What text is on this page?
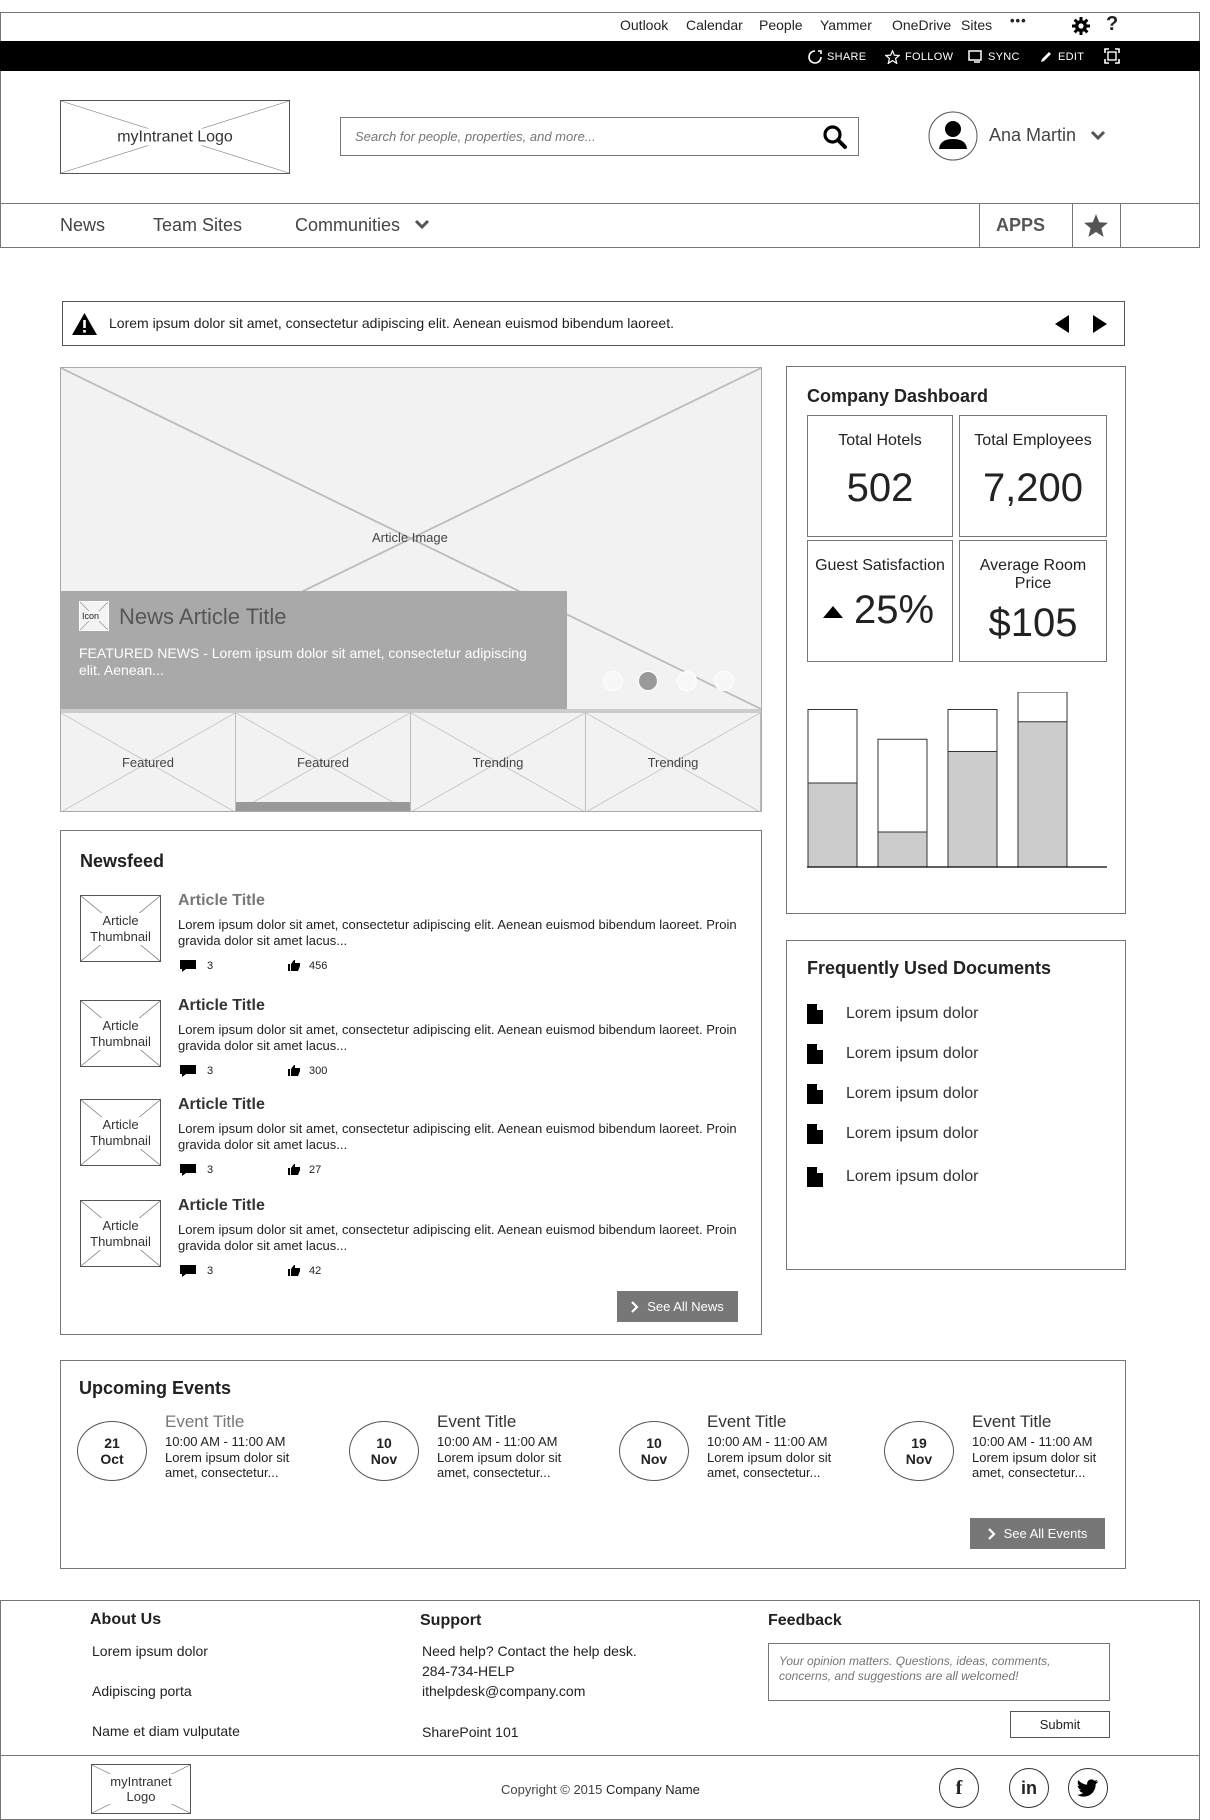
Outlook Calendar People Yammer OneDrive Sites •••	?
SHARE	FOLLOW	SYNC	EDIT
myIntranet Logo
Search for people, properties, and more...	Ana Martin
News	Team Sites	Communities	APPS
Lorem ipsum dolor sit amet, consectetur adipiscing elit. Aenean euismod bibendum laoreet.
Article Image
Icon News Article Title
FEATURED NEWS - Lorem ipsum dolor sit amet, consectetur adipiscing elit. Aenean...
Featured	Featured	Trending	Trending
Newsfeed
Article
Thumbnail
Article Title
Lorem ipsum dolor sit amet, consectetur adipiscing elit. Aenean euismod bibendum laoreet. Proin gravida dolor sit amet lacus...
3	456
Article
Thumbnail
Article Title
Lorem ipsum dolor sit amet, consectetur adipiscing elit. Aenean euismod bibendum laoreet. Proin gravida dolor sit amet lacus...
3	300
Article
Thumbnail
Article Title
Lorem ipsum dolor sit amet, consectetur adipiscing elit. Aenean euismod bibendum laoreet. Proin gravida dolor sit amet lacus...
3	27
Article
Thumbnail
Article Title
Lorem ipsum dolor sit amet, consectetur adipiscing elit. Aenean euismod bibendum laoreet. Proin gravida dolor sit amet lacus...
3	42
See All News
Company Dashboard
Total Hotels
502
Total Employees
7,200
Guest Satisfaction
25%
Average Room
Price
$105
Frequently Used Documents
Lorem ipsum dolor
Lorem ipsum dolor
Lorem ipsum dolor
Lorem ipsum dolor
Lorem ipsum dolor
Upcoming Events
21
Oct
Event Title
10:00 AM - 11:00 AM
Lorem ipsum dolor sit amet, consectetur...
10
Nov
Event Title
10:00 AM - 11:00 AM
Lorem ipsum dolor sit amet, consectetur...
10
Nov
Event Title
10:00 AM - 11:00 AM
Lorem ipsum dolor sit amet, consectetur...
19
Nov
Event Title
10:00 AM - 11:00 AM
Lorem ipsum dolor sit amet, consectetur...
See All Events
About Us
Lorem ipsum dolor
Adipiscing porta
Name et diam vulputate
Support
Need help? Contact the help desk.
284-734-HELP
ithelpdesk@company.com
SharePoint 101
Feedback
Your opinion matters. Questions, ideas, comments, concerns, and suggestions are all welcomed!
Submit
myIntranet
Logo	Copyright © 2015 Company Name	f	in
